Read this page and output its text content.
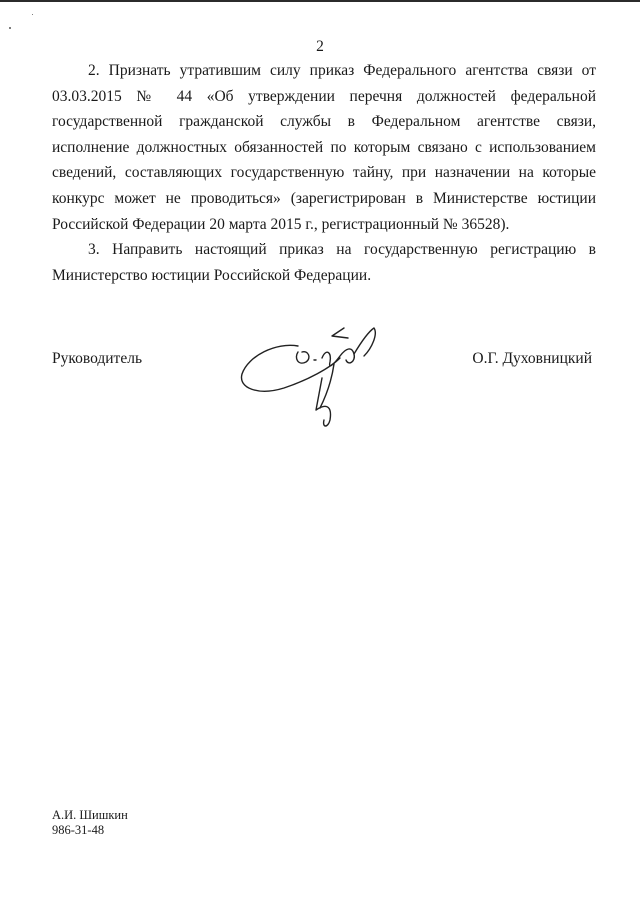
2

2. Признать утратившим силу приказ Федерального агентства связи от 03.03.2015 № 44 «Об утверждении перечня должностей федеральной государственной гражданской службы в Федеральном агентстве связи, исполнение должностных обязанностей по которым связано с использованием сведений, составляющих государственную тайну, при назначении на которые конкурс может не проводиться» (зарегистрирован в Министерстве юстиции Российской Федерации 20 марта 2015 г., регистрационный № 36528).

3. Направить настоящий приказ на государственную регистрацию в Министерство юстиции Российской Федерации.

Руководитель	О.Г. Духовницкий
А.И. Шишкин
986-31-48
